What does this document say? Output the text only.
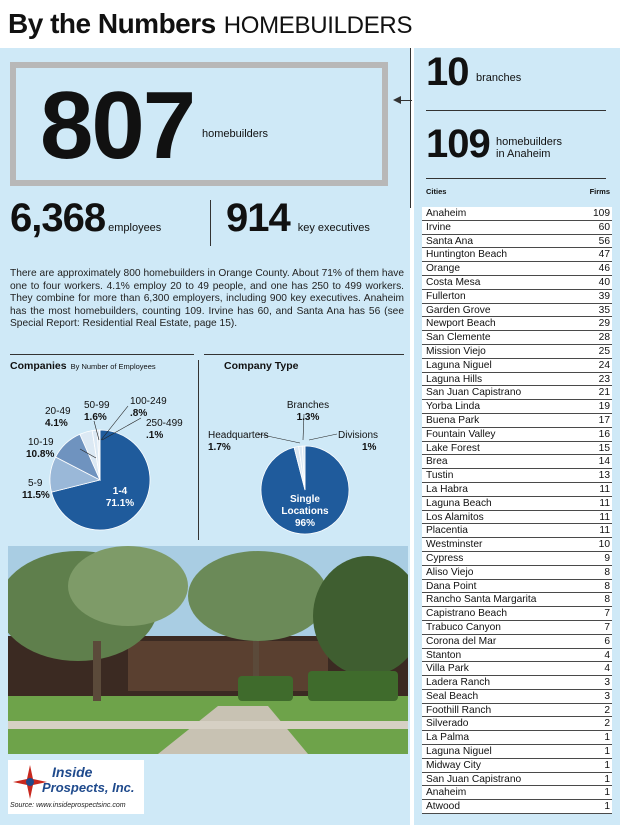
By the Numbers HOMEBUILDERS
807 homebuilders
6,368 employees 914 key executives
There are approximately 800 homebuilders in Orange County. About 71% of them have one to four workers. 4.1% employ 20 to 49 people, and one has 250 to 499 workers. They combine for more than 6,300 employers, including 900 key executives. Anaheim has the most homebuilders, counting 109. Irvine has 60, and Santa Ana has 56 (see Special Report: Residential Real Estate, page 15).
Companies By Number of Employees	Company Type
20-49
4.1%
50-99
1.6%
100-249
.8%
250-499
.1%
10-19
10.8%
5-9
11.5%	1-4
71.1%
Headquarters
1.7%
Branches
1.3%
Divisions
1%
Single
Locations
96%
Inside
Prospects, Inc.
Source: www.insideprospectsinc.com
10 branches
109 homebuilders
in Anaheim
Cities	Firms
Anaheim	109
Irvine	60
Santa Ana	56
Huntington Beach	47
Orange	46
Costa Mesa	40
Fullerton	39
Garden Grove	35
Newport Beach	29
San Clemente	28
Mission Viejo	25
Laguna Niguel	24
Laguna Hills	23
San Juan Capistrano	21
Yorba Linda	19
Buena Park	17
Fountain Valley	16
Lake Forest	15
Brea	14
Tustin	13
La Habra	11
Laguna Beach	11
Los Alamitos	11
Placentia	11
Westminster	10
Cypress	9
Aliso Viejo	8
Dana Point	8
Rancho Santa Margarita	8
Capistrano Beach	7
Trabuco Canyon	7
Corona del Mar	6
Stanton	4
Villa Park	4
Ladera Ranch	3
Seal Beach	3
Foothill Ranch	2
Silverado	2
La Palma	1
Laguna Niguel	1
Midway City	1
San Juan Capistrano	1
Anaheim	1
Atwood	1
